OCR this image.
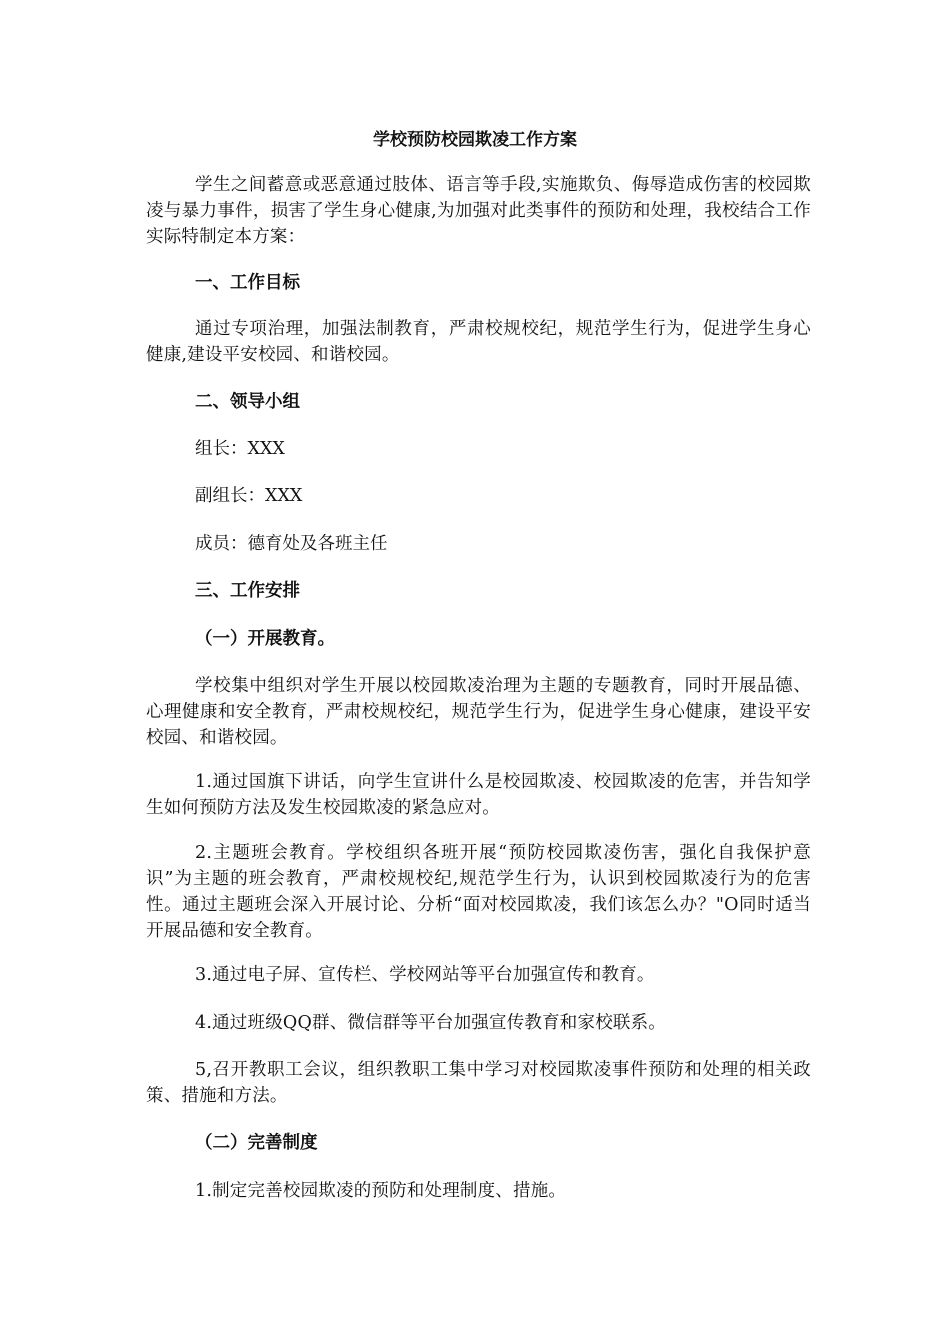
学校预防校园欺凌工作方案

学生之间蓄意或恶意通过肢体、语言等手段,实施欺负、侮辱造成伤害的校园欺凌与暴力事件，损害了学生身心健康,为加强对此类事件的预防和处理，我校结合工作实际特制定本方案：

一、工作目标

通过专项治理，加强法制教育，严肃校规校纪，规范学生行为，促进学生身心健康,建设平安校园、和谐校园。

二、领导小组

组长：XXX

副组长：XXX

成员：德育处及各班主任

三、工作安排

（一）开展教育。

学校集中组织对学生开展以校园欺凌治理为主题的专题教育，同时开展品德、心理健康和安全教育，严肃校规校纪，规范学生行为，促进学生身心健康，建设平安校园、和谐校园。

1.通过国旗下讲话，向学生宣讲什么是校园欺凌、校园欺凌的危害，并告知学生如何预防方法及发生校园欺凌的紧急应对。

2.主题班会教育。学校组织各班开展“预防校园欺凌伤害，强化自我保护意识”为主题的班会教育，严肃校规校纪,规范学生行为，认识到校园欺凌行为的危害性。通过主题班会深入开展讨论、分析“面对校园欺凌，我们该怎么办？"O同时适当开展品德和安全教育。

3.通过电子屏、宣传栏、学校网站等平台加强宣传和教育。

4.通过班级QQ群、微信群等平台加强宣传教育和家校联系。

5,召开教职工会议，组织教职工集中学习对校园欺凌事件预防和处理的相关政策、措施和方法。

（二）完善制度

1.制定完善校园欺凌的预防和处理制度、措施。
